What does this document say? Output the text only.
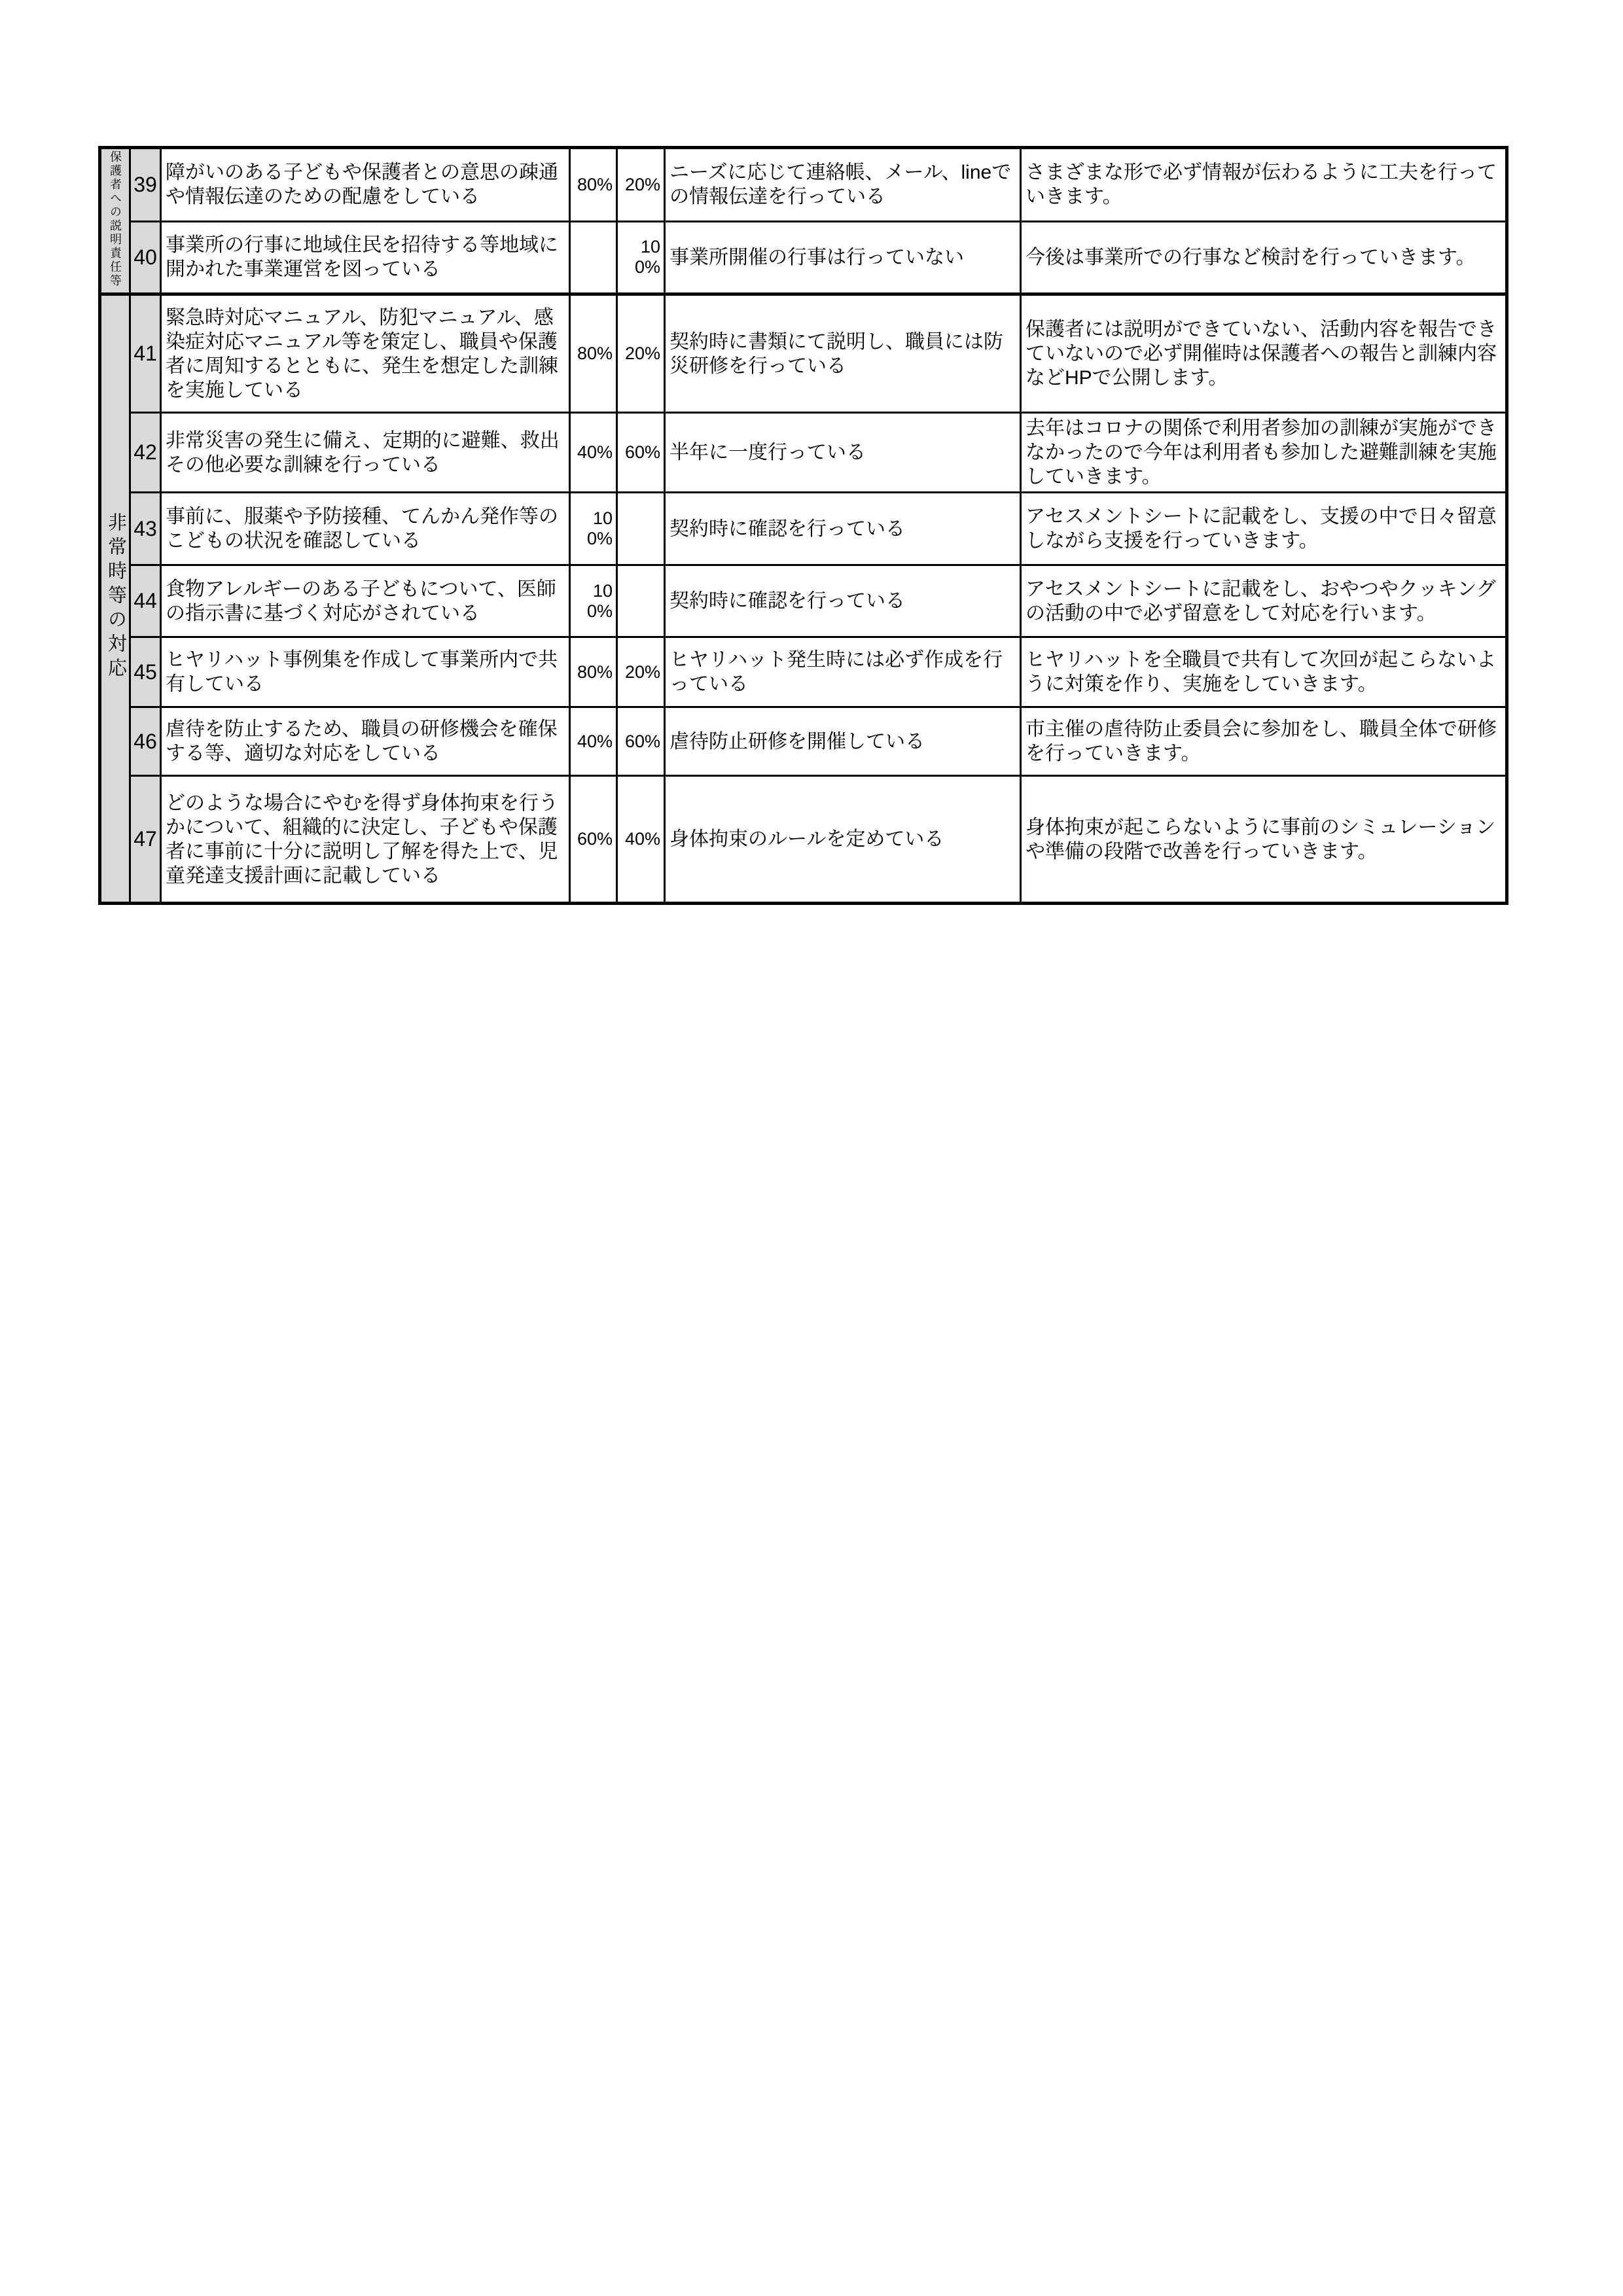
保護者への説明責任等	39	障がいのある子どもや保護者との意思の疎通や情報伝達のための配慮をしている	80%	20%	ニーズに応じて連絡帳、メール、lineでの情報伝達を行っている	さまざまな形で必ず情報が伝わるように工夫を行っていきます。
	40	事業所の行事に地域住民を招待する等地域に開かれた事業運営を図っている		100%	事業所開催の行事は行っていない	今後は事業所での行事など検討を行っていきます。
非常時等の対応	41	緊急時対応マニュアル、防犯マニュアル、感染症対応マニュアル等を策定し、職員や保護者に周知するとともに、発生を想定した訓練を実施している	80%	20%	契約時に書類にて説明し、職員には防災研修を行っている	保護者には説明ができていない、活動内容を報告できていないので必ず開催時は保護者への報告と訓練内容などHPで公開します。
	42	非常災害の発生に備え、定期的に避難、救出その他必要な訓練を行っている	40%	60%	半年に一度行っている	去年はコロナの関係で利用者参加の訓練が実施ができなかったので今年は利用者も参加した避難訓練を実施していきます。
	43	事前に、服薬や予防接種、てんかん発作等のこどもの状況を確認している	100%		契約時に確認を行っている	アセスメントシートに記載をし、支援の中で日々留意しながら支援を行っていきます。
	44	食物アレルギーのある子どもについて、医師の指示書に基づく対応がされている	100%		契約時に確認を行っている	アセスメントシートに記載をし、おやつやクッキングの活動の中で必ず留意をして対応を行います。
	45	ヒヤリハット事例集を作成して事業所内で共有している	80%	20%	ヒヤリハット発生時には必ず作成を行っている	ヒヤリハットを全職員で共有して次回が起こらないように対策を作り、実施をしていきます。
	46	虐待を防止するため、職員の研修機会を確保する等、適切な対応をしている	40%	60%	虐待防止研修を開催している	市主催の虐待防止委員会に参加をし、職員全体で研修を行っていきます。
	47	どのような場合にやむを得ず身体拘束を行うかについて、組織的に決定し、子どもや保護者に事前に十分に説明し了解を得た上で、児童発達支援計画に記載している	60%	40%	身体拘束のルールを定めている	身体拘束が起こらないように事前のシミュレーションや準備の段階で改善を行っていきます。
